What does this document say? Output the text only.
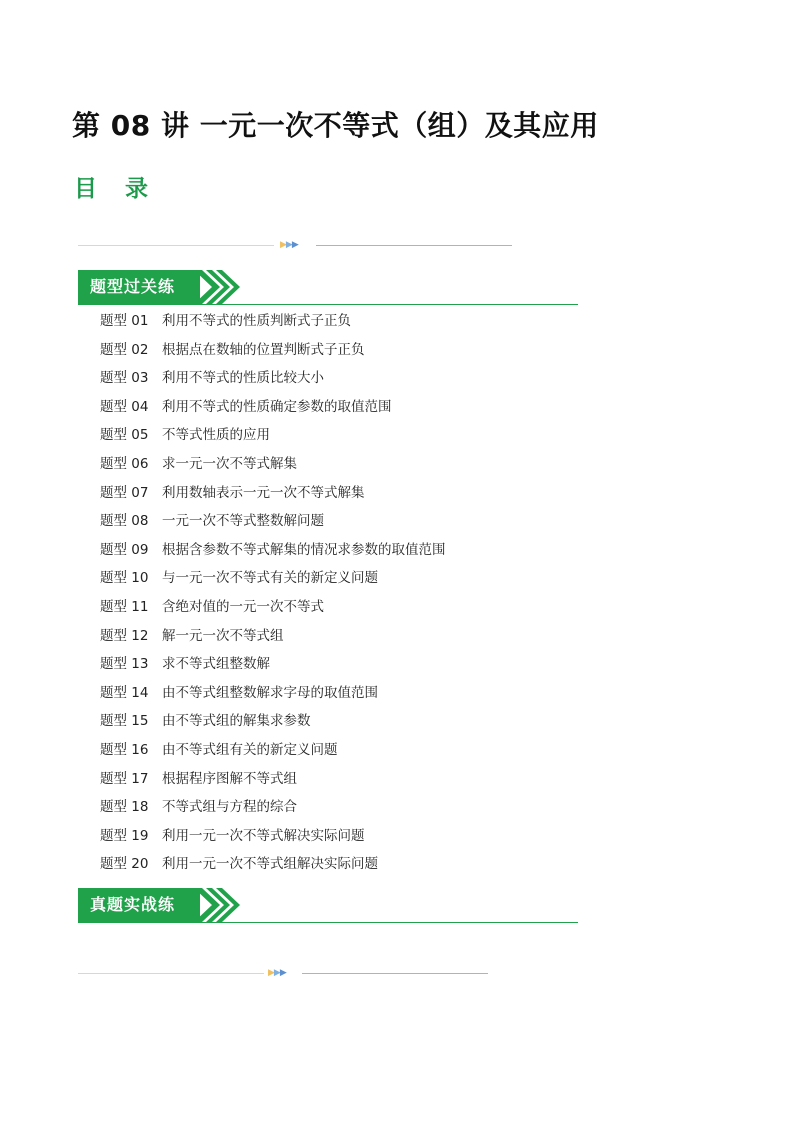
第 08 讲 一元一次不等式（组）及其应用
目 录
▶▶▶
题型过关练
题型 01 利用不等式的性质判断式子正负
题型 02 根据点在数轴的位置判断式子正负
题型 03 利用不等式的性质比较大小
题型 04 利用不等式的性质确定参数的取值范围
题型 05 不等式性质的应用
题型 06 求一元一次不等式解集
题型 07 利用数轴表示一元一次不等式解集
题型 08 一元一次不等式整数解问题
题型 09 根据含参数不等式解集的情况求参数的取值范围
题型 10 与一元一次不等式有关的新定义问题
题型 11 含绝对值的一元一次不等式
题型 12 解一元一次不等式组
题型 13 求不等式组整数解
题型 14 由不等式组整数解求字母的取值范围
题型 15 由不等式组的解集求参数
题型 16 由不等式组有关的新定义问题
题型 17 根据程序图解不等式组
题型 18 不等式组与方程的综合
题型 19 利用一元一次不等式解决实际问题
题型 20 利用一元一次不等式组解决实际问题
真题实战练
▶▶▶
